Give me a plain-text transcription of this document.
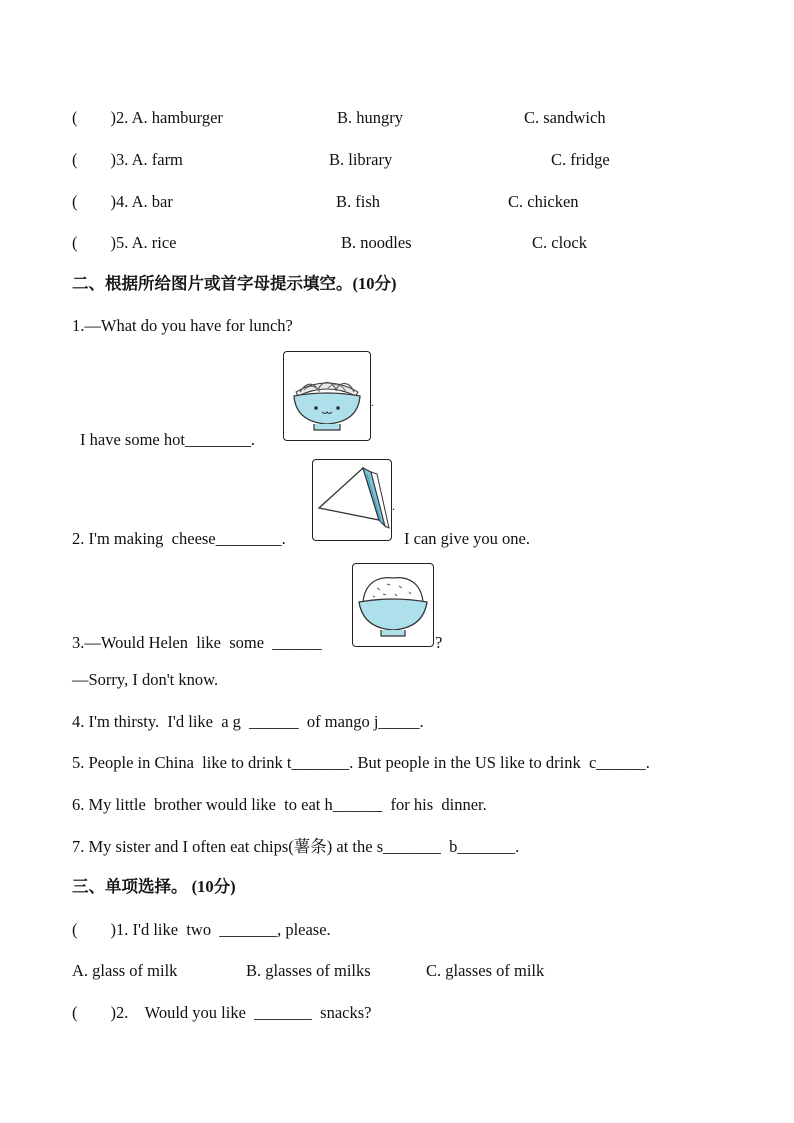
(        )2. A. hamburger	B. hungry	C. sandwich
(        )3. A. farm	B. library	C. fridge
(        )4. A. bar	B. fish	C. chicken
(        )5. A. rice	B. noodles	C. clock
二、根据所给图片或首字母提示填空。(10分)
1.—What do you have for lunch?
.
I have some hot________.
.
2. I'm making  cheese________.	I can give you one.
3.—Would Helen  like  some  ______	?
—Sorry, I don't know.
4. I'm thirsty.  I'd like  a g  ______  of mango j_____.
5. People in China  like to drink t_______. But people in the US like to drink  c______.
6. My little  brother would like  to eat h______  for his  dinner.
7. My sister and I often eat chips(薯条) at the s_______  b_______.
三、单项选择。 (10分)
(        )1. I'd like  two  _______, please.
A. glass of milk	B. glasses of milks	C. glasses of milk
(        )2.    Would you like  _______  snacks?
